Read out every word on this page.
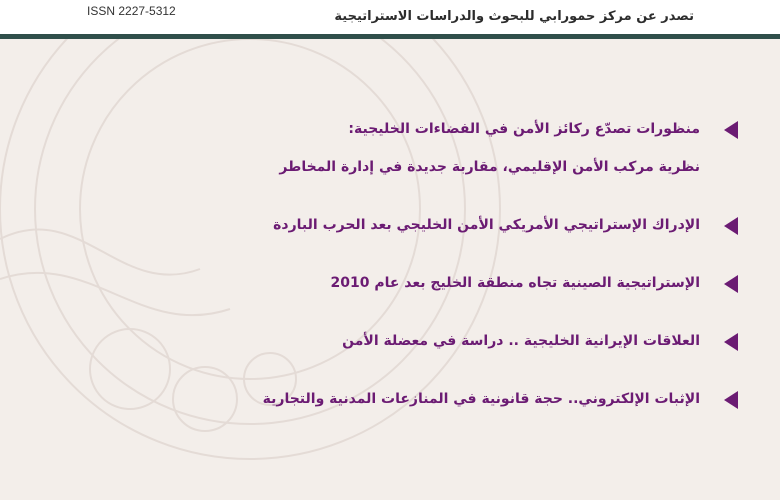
ISSN 2227-5312	تصدر عن مركز حمورابي للبحوث والدراسات الاستراتيجية
منظورات تصدّع ركائز الأمن في الفضاءات الخليجية:
نظرية مركب الأمن الإقليمي، مقاربة جديدة في إدارة المخاطر
الإدراك الإستراتيجي الأمريكي الأمن الخليجي بعد الحرب الباردة
الإستراتيجية الصينية تجاه منطقة الخليج بعد عام 2010
العلاقات الإيرانية الخليجية .. دراسة في معضلة الأمن
الإثبات الإلكتروني.. حجة قانونية في المنازعات المدنية والتجارية
